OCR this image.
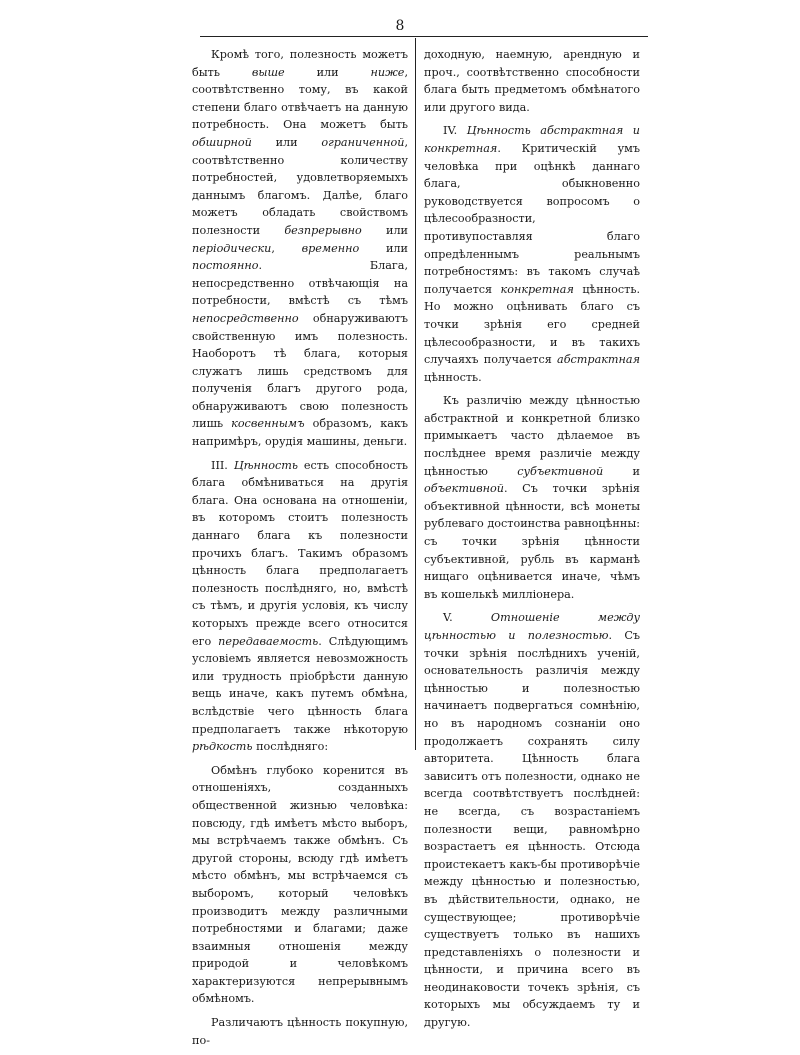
8

Кромѣ того, полезность можетъ быть выше или ниже, соотвѣтственно тому, въ какой степени благо отвѣчаетъ на данную потребность. Она можетъ быть обширной или ограниченной, соотвѣтственно количеству потребностей, удовлетворяемыхъ даннымъ благомъ. Далѣе, благо можетъ обладать свойствомъ полезности безпрерывно или періодически, временно или постоянно. Блага, непосредственно отвѣчающія на потребности, вмѣстѣ съ тѣмъ непосредственно обнаруживаютъ свойственную имъ полезность. Наоборотъ тѣ блага, которыя служатъ лишь средствомъ для полученія благъ другого рода, обнаруживаютъ свою полезность лишь косвеннымъ образомъ, какъ напримѣръ, орудія машины, деньги.

III. Цѣнность есть способность блага обмѣниваться на другія блага. Она основана на отношеніи, въ которомъ стоитъ полезность даннаго блага къ полезности прочихъ благъ. Такимъ образомъ цѣнность блага предполагаетъ полезность послѣдняго, но, вмѣстѣ съ тѣмъ, и другія условія, къ числу которыхъ прежде всего относится его передаваемость. Слѣдующимъ условіемъ является невозможность или трудность пріобрѣсти данную вещь иначе, какъ путемъ обмѣна, вслѣдствіе чего цѣнность блага предполагаетъ также нѣкоторую рѣдкость послѣдняго:

Обмѣнъ глубоко коренится въ отношеніяхъ, созданныхъ общественной жизнью человѣка: повсюду, гдѣ имѣетъ мѣсто выборъ, мы встрѣчаемъ также обмѣнъ. Съ другой стороны, всюду гдѣ имѣетъ мѣсто обмѣнъ, мы встрѣчаемся съ выборомъ, который человѣкъ производитъ между различными потребностями и благами; даже взаимныя отношенія между природой и человѣкомъ характеризуются непрерывнымъ обмѣномъ.

Различаютъ цѣнность покупную, по-

доходную, наемную, арендную и проч., соотвѣтственно способности блага быть предметомъ обмѣнатого или другого вида.

IV. Цѣнность абстрактная и конкретная. Критическій умъ человѣка при оцѣнкѣ даннаго блага, обыкновенно руководствуется вопросомъ о цѣлесообразности, противупоставляя благо опредѣленнымъ реальнымъ потребностямъ: въ такомъ случаѣ получается конкретная цѣнность. Но можно оцѣнивать благо съ точки зрѣнія его средней цѣлесообразности, и въ такихъ случаяхъ получается абстрактная цѣнность.

Къ различію между цѣнностью абстрактной и конкретной близко примыкаетъ часто дѣлаемое въ послѣднее время различіе между цѣнностью субъективной и объективной. Съ точки зрѣнія объективной цѣнности, всѣ монеты рублеваго достоинства равноцѣнны: съ точки зрѣнія цѣнности субъективной, рубль въ карманѣ нищаго оцѣнивается иначе, чѣмъ въ кошелькѣ милліонера.

V. Отношеніе между цѣнностью и полезностью. Съ точки зрѣнія послѣднихъ ученій, основательность различія между цѣнностью и полезностью начинаетъ подвергаться сомнѣнію, но въ народномъ сознаніи оно продолжаетъ сохранять силу авторитета. Цѣнность блага зависитъ отъ полезности, однако не всегда соотвѣтствуетъ послѣдней: не всегда, съ возрастаніемъ полезности вещи, равномѣрно возрастаетъ ея цѣнность. Отсюда проистекаетъ какъ-бы противорѣчіе между цѣнностью и полезностью, въ дѣйствительности, однако, не существующее; противорѣчіе существуетъ только въ нашихъ представленіяхъ о полезности и цѣнности, и причина всего въ неодинаковости точекъ зрѣнія, съ которыхъ мы обсуждаемъ ту и другую.
